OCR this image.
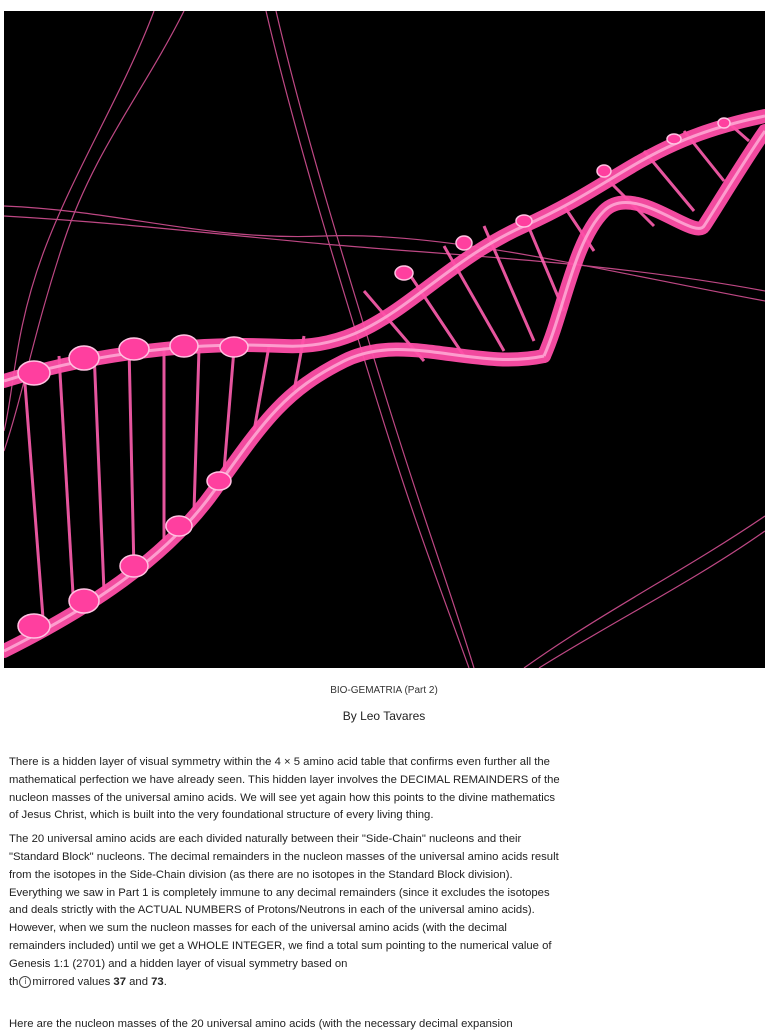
BIO-GEMATRIA (Part 2)
By Leo Tavares

There is a hidden layer of visual symmetry within the 4 × 5 amino acid table that confirms even further all the mathematical perfection we have already seen. This hidden layer involves the DECIMAL REMAINDERS of the nucleon masses of the universal amino acids. We will see yet again how this points to the divine mathematics of Jesus Christ, which is built into the very foundational structure of every living thing.

The 20 universal amino acids are each divided naturally between their "Side-Chain" nucleons and their "Standard Block" nucleons. The decimal remainders in the nucleon masses of the universal amino acids result from the isotopes in the Side-Chain division (as there are no isotopes in the Standard Block division). Everything we saw in Part 1 is completely immune to any decimal remainders (since it excludes the isotopes and deals strictly with the ACTUAL NUMBERS of Protons/Neutrons in each of the universal amino acids). However, when we sum the nucleon masses for each of the universal amino acids (with the decimal remainders included) until we get a WHOLE INTEGER, we find a total sum pointing to the numerical value of Genesis 1:1 (2701) and a hidden layer of visual symmetry based on
th i mirrored values 37 and 73.

Here are the nucleon masses of the 20 universal amino acids (with the necessary decimal expansion
